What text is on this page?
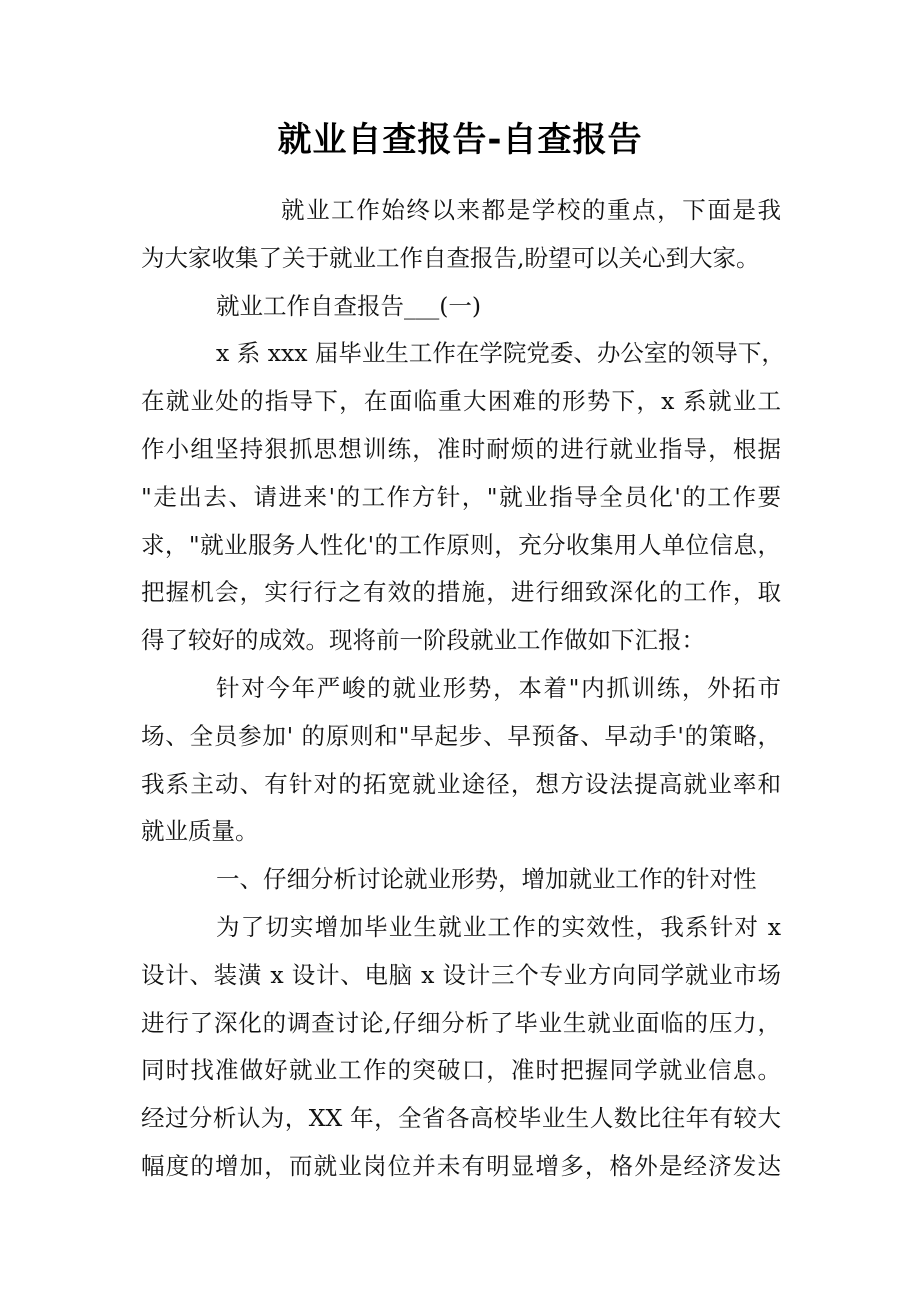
就业自查报告-自查报告
就业工作始终以来都是学校的重点，下面是我
为大家收集了关于就业工作自查报告,盼望可以关心到大家。
就业工作自查报告___(一)
x 系 xxx 届毕业生工作在学院党委、办公室的领导下，
在就业处的指导下，在面临重大困难的形势下，x 系就业工
作小组坚持狠抓思想训练，准时耐烦的进行就业指导，根据
"走出去、请进来'的工作方针，"就业指导全员化'的工作要
求，"就业服务人性化'的工作原则，充分收集用人单位信息，
把握机会，实行行之有效的措施，进行细致深化的工作，取
得了较好的成效。现将前一阶段就业工作做如下汇报：
针对今年严峻的就业形势，本着"内抓训练，外拓市
场、全员参加' 的原则和"早起步、早预备、早动手'的策略，
我系主动、有针对的拓宽就业途径，想方设法提高就业率和
就业质量。
一、仔细分析讨论就业形势，增加就业工作的针对性
为了切实增加毕业生就业工作的实效性，我系针对 x
设计、装潢 x 设计、电脑 x 设计三个专业方向同学就业市场
进行了深化的调查讨论,仔细分析了毕业生就业面临的压力，
同时找准做好就业工作的突破口，准时把握同学就业信息。
经过分析认为，XX 年，全省各高校毕业生人数比往年有较大
幅度的增加，而就业岗位并未有明显增多，格外是经济发达
